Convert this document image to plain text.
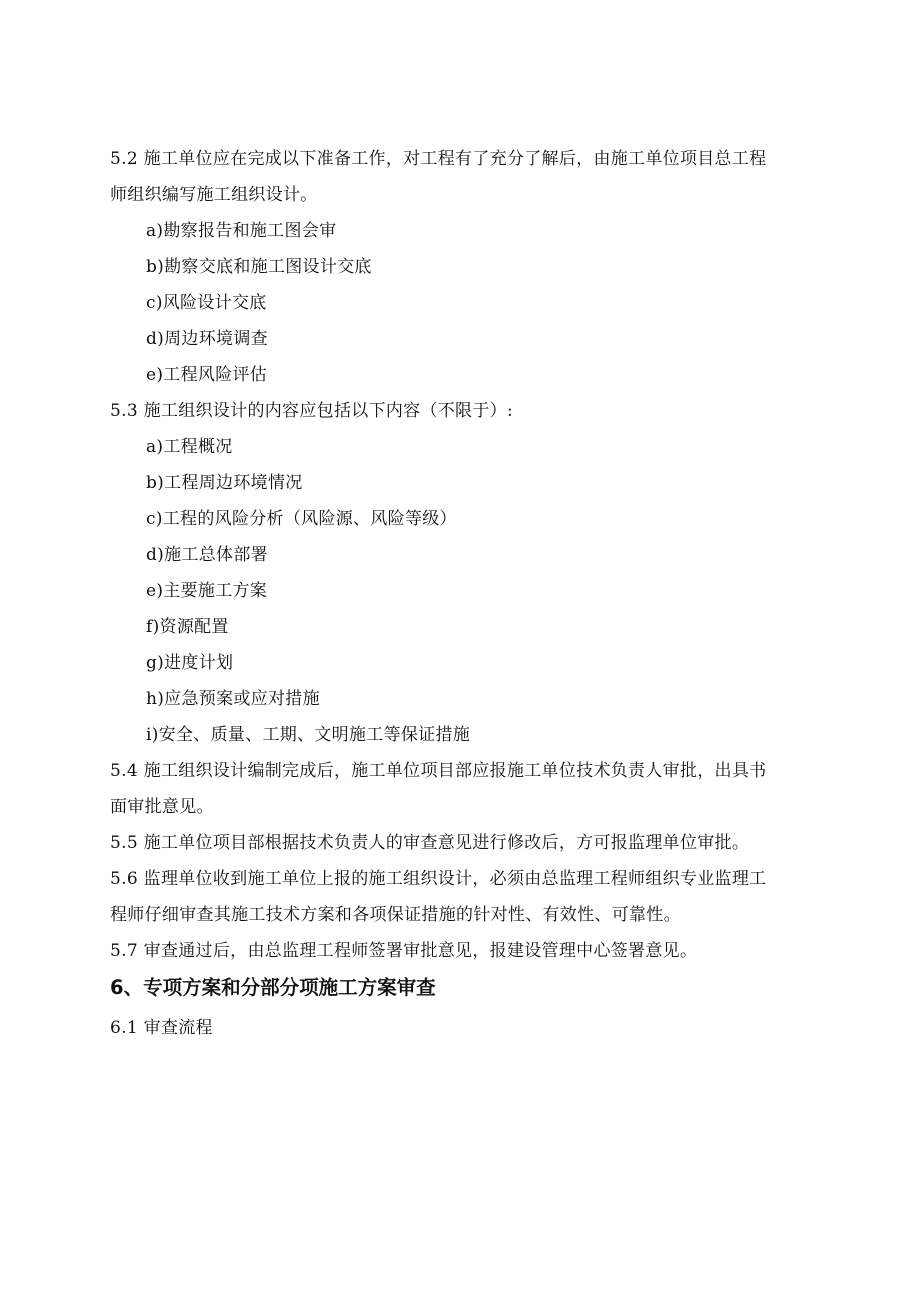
5.2 施工单位应在完成以下准备工作，对工程有了充分了解后，由施工单位项目总工程
师组织编写施工组织设计。
a)勘察报告和施工图会审
b)勘察交底和施工图设计交底
c)风险设计交底
d)周边环境调查
e)工程风险评估
5.3 施工组织设计的内容应包括以下内容（不限于）:
a)工程概况
b)工程周边环境情况
c)工程的风险分析（风险源、风险等级）
d)施工总体部署
e)主要施工方案
f)资源配置
g)进度计划
h)应急预案或应对措施
i)安全、质量、工期、文明施工等保证措施
5.4 施工组织设计编制完成后，施工单位项目部应报施工单位技术负责人审批，出具书
面审批意见。
5.5 施工单位项目部根据技术负责人的审查意见进行修改后，方可报监理单位审批。
5.6 监理单位收到施工单位上报的施工组织设计，必须由总监理工程师组织专业监理工
程师仔细审查其施工技术方案和各项保证措施的针对性、有效性、可靠性。
5.7 审查通过后，由总监理工程师签署审批意见，报建设管理中心签署意见。
6、专项方案和分部分项施工方案审查
6.1 审查流程
